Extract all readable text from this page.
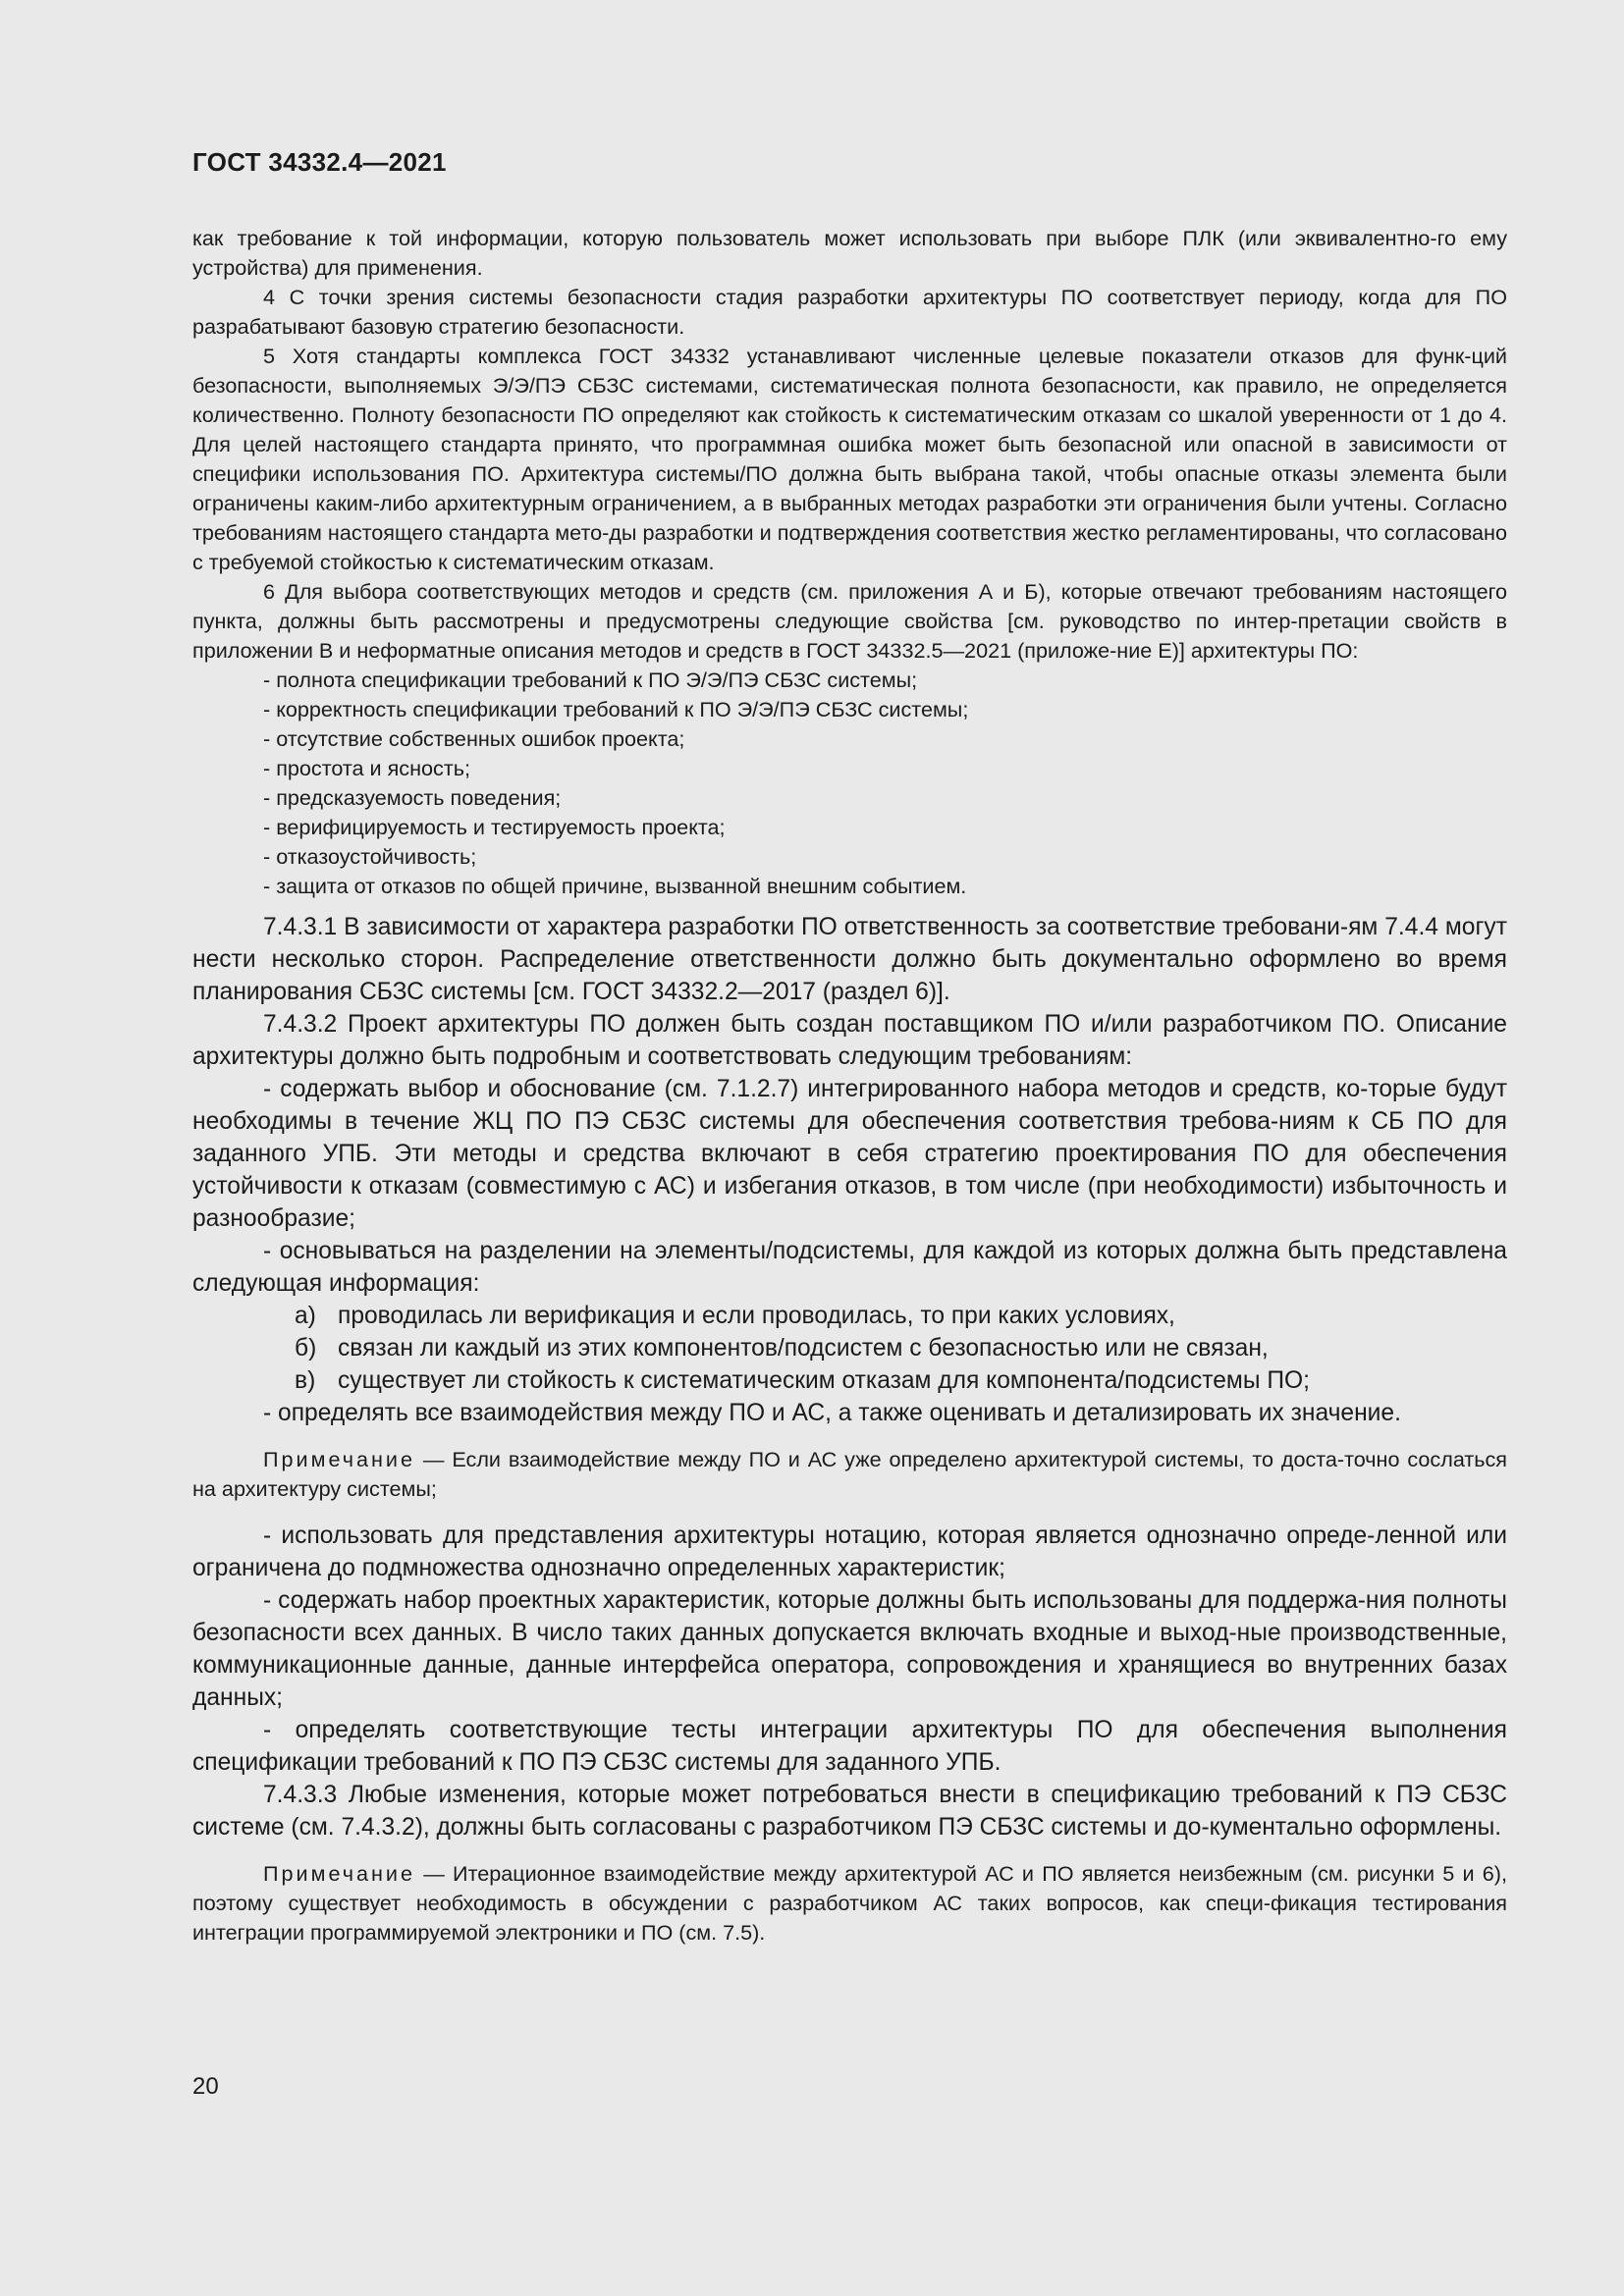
ГОСТ 34332.4—2021

как требование к той информации, которую пользователь может использовать при выборе ПЛК (или эквивалентно-го ему устройства) для применения.

4 С точки зрения системы безопасности стадия разработки архитектуры ПО соответствует периоду, когда для ПО разрабатывают базовую стратегию безопасности.

5 Хотя стандарты комплекса ГОСТ 34332 устанавливают численные целевые показатели отказов для функ-ций безопасности, выполняемых Э/Э/ПЭ СБЗС системами, систематическая полнота безопасности, как правило, не определяется количественно. Полноту безопасности ПО определяют как стойкость к систематическим отказам со шкалой уверенности от 1 до 4. Для целей настоящего стандарта принято, что программная ошибка может быть безопасной или опасной в зависимости от специфики использования ПО. Архитектура системы/ПО должна быть выбрана такой, чтобы опасные отказы элемента были ограничены каким-либо архитектурным ограничением, а в выбранных методах разработки эти ограничения были учтены. Согласно требованиям настоящего стандарта мето-ды разработки и подтверждения соответствия жестко регламентированы, что согласовано с требуемой стойкостью к систематическим отказам.

6 Для выбора соответствующих методов и средств (см. приложения А и Б), которые отвечают требованиям настоящего пункта, должны быть рассмотрены и предусмотрены следующие свойства [см. руководство по интер-претации свойств в приложении В и неформатные описания методов и средств в ГОСТ 34332.5—2021 (приложе-ние Е)] архитектуры ПО:

- полнота спецификации требований к ПО Э/Э/ПЭ СБЗС системы;

- корректность спецификации требований к ПО Э/Э/ПЭ СБЗС системы;

- отсутствие собственных ошибок проекта;

- простота и ясность;

- предсказуемость поведения;

- верифицируемость и тестируемость проекта;

- отказоустойчивость;

- защита от отказов по общей причине, вызванной внешним событием.

7.4.3.1 В зависимости от характера разработки ПО ответственность за соответствие требовани-ям 7.4.4 могут нести несколько сторон. Распределение ответственности должно быть документально оформлено во время планирования СБЗС системы [см. ГОСТ 34332.2—2017 (раздел 6)].

7.4.3.2 Проект архитектуры ПО должен быть создан поставщиком ПО и/или разработчиком ПО. Описание архитектуры должно быть подробным и соответствовать следующим требованиям:

- содержать выбор и обоснование (см. 7.1.2.7) интегрированного набора методов и средств, ко-торые будут необходимы в течение ЖЦ ПО ПЭ СБЗС системы для обеспечения соответствия требова-ниям к СБ ПО для заданного УПБ. Эти методы и средства включают в себя стратегию проектирования ПО для обеспечения устойчивости к отказам (совместимую с АС) и избегания отказов, в том числе (при необходимости) избыточность и разнообразие;

- основываться на разделении на элементы/подсистемы, для каждой из которых должна быть представлена следующая информация:

а) проводилась ли верификация и если проводилась, то при каких условиях,

б) связан ли каждый из этих компонентов/подсистем с безопасностью или не связан,

в) существует ли стойкость к систематическим отказам для компонента/подсистемы ПО;

- определять все взаимодействия между ПО и АС, а также оценивать и детализировать их значение.

Примечание — Если взаимодействие между ПО и АС уже определено архитектурой системы, то доста-точно сослаться на архитектуру системы;

- использовать для представления архитектуры нотацию, которая является однозначно опреде-ленной или ограничена до подмножества однозначно определенных характеристик;

- содержать набор проектных характеристик, которые должны быть использованы для поддержа-ния полноты безопасности всех данных. В число таких данных допускается включать входные и выход-ные производственные, коммуникационные данные, данные интерфейса оператора, сопровождения и хранящиеся во внутренних базах данных;

- определять соответствующие тесты интеграции архитектуры ПО для обеспечения выполнения спецификации требований к ПО ПЭ СБЗС системы для заданного УПБ.

7.4.3.3 Любые изменения, которые может потребоваться внести в спецификацию требований к ПЭ СБЗС системе (см. 7.4.3.2), должны быть согласованы с разработчиком ПЭ СБЗС системы и до-кументально оформлены.

Примечание — Итерационное взаимодействие между архитектурой АС и ПО является неизбежным (см. рисунки 5 и 6), поэтому существует необходимость в обсуждении с разработчиком АС таких вопросов, как специ-фикация тестирования интеграции программируемой электроники и ПО (см. 7.5).

20
